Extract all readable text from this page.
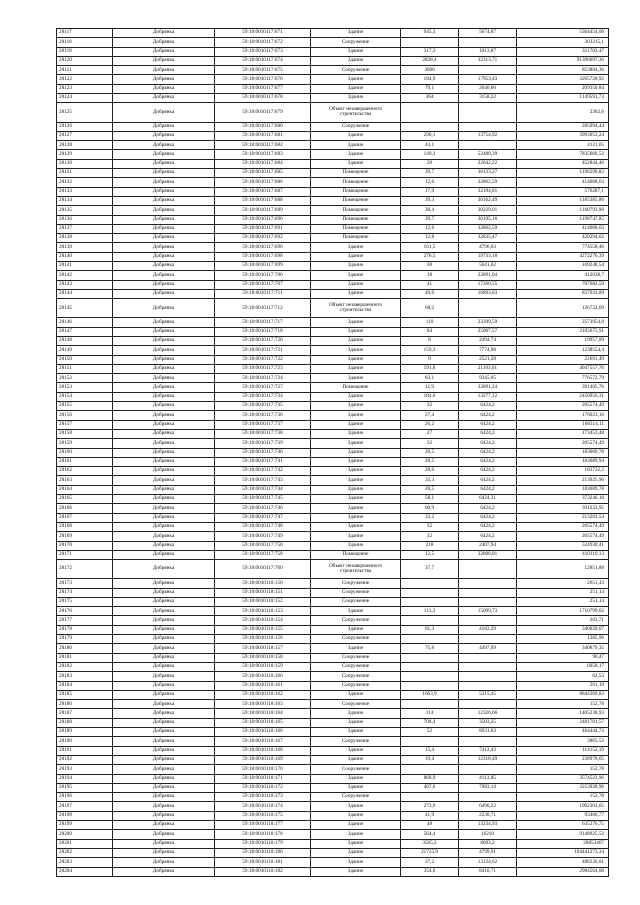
28117	Добрянка	59:18:0010117:671	Здание	945,3	5674,87	5364454,06
28118	Добрянка	59:18:0010117:672	Сооружение			303315,1
28119	Добрянка	59:18:0010117:673	Здание	317,3	1013,87	321703,47
28120	Добрянка	59:18:0010117:674	Здание	2828,4	32313,71	91396097,36
28121	Добрянка	59:18:0010117:675	Сооружение	3000		853884,36
28122	Добрянка	59:18:0010117:676	Здание	184,9	17953,43	3265728,92
28123	Добрянка	59:18:0010117:677	Здание	79,1	2646,66	209350,84
28124	Добрянка	59:18:0010117:678	Здание	364	3158,22	1149591,73
28125	Добрянка	59:18:0010117:679	Объект незавершенного строительства			2362,6
28126	Добрянка	59:18:0010117:680	Сооружение			285994,44
28127	Добрянка	59:18:0010117:681	Здание	290,1	13754,92	3993053,24
28128	Добрянка	59:18:0010117:682	Здание	43,1		4121,05
28129	Добрянка	59:18:0010117:683	Здание	149,3	52480,39	7835666,52
28130	Добрянка	59:18:0010117:684	Здание	20	22642,22	452844,46
28131	Добрянка	59:18:0010117:685	Помещение	39,7	30133,27	1196290,82
28132	Добрянка	59:18:0010117:686	Помещение	12,6	32862,59	414068,63
28133	Добрянка	59:18:0010117:687	Помещение	17,9	32194,81	576287,1
28134	Добрянка	59:18:0010117:688	Помещение	39,3	30162,49	1185385,86
28135	Добрянка	59:18:0010117:689	Помещение	38,4	30229,01	1160793,98
28136	Добрянка	59:18:0010117:690	Помещение	39,7	30195,16	1198747,85
28137	Добрянка	59:18:0010117:691	Помещение	12,6	32862,59	414068,63
28138	Добрянка	59:18:0010117:692	Помещение	12,8	32835,47	420294,02
28139	Добрянка	59:18:0010117:696	Здание	161,5	4796,03	774558,46
28140	Добрянка	59:18:0010117:698	Здание	276,5	19733,18	4272276,39
28141	Добрянка	59:18:0010117:699	Здание	30	5641,62	169248,54
28142	Добрянка	59:18:0010117:700	Здание	18	22891,04	412038,7
28143	Добрянка	59:18:0010117:707	Здание	41	17260,55	707682,59
28144	Добрянка	59:18:0010117:711	Здание	49,6	16893,83	837933,89
28145	Добрянка	59:18:0010117:712	Объект незавершенного строительства	68,2		126732,69
28146	Добрянка	59:18:0010117:717	Здание	110	23399,59	2573954,8
28147	Добрянка	59:18:0010117:718	Здание	84	25067,57	2105675,91
28148	Добрянка	59:18:0010117:720	Здание	8	2494,74	19957,89
28149	Добрянка	59:18:0010117:721	Здание	159,3	7774,98	1238554,4
28150	Добрянка	59:18:0010117:722	Здание	9	2521,28	22691,49
28151	Добрянка	59:18:0010117:723	Здание	191,8	21103,01	4047557,76
28152	Добрянка	59:18:0010117:724	Здание	83,1	9345,05	776572,79
28153	Добрянка	59:18:0010117:727	Помещение	11,9	32891,24	391405,76
28154	Добрянка	59:18:0010117:734	Здание	184,6	13277,12	2450956,31
28155	Добрянка	59:18:0010117:735	Здание	32	6424,2	205574,49
28156	Добрянка	59:18:0010117:736	Здание	27,4	6424,2	176023,16
28157	Добрянка	59:18:0010117:737	Здание	26,2	6424,2	168314,11
28158	Добрянка	59:18:0010117:738	Здание	27	6424,2	173453,48
28159	Добрянка	59:18:0010117:739	Здание	32	6424,2	205574,49
28160	Добрянка	59:18:0010117:740	Здание	28,5	6424,2	183089,78
28161	Добрянка	59:18:0010117:741	Здание	28,5	6424,2	183089,94
28162	Добрянка	59:18:0010117:742	Здание	28,6	6424,2	183732,2
28163	Добрянка	59:18:0010117:743	Здание	33,3	6424,2	213925,96
28164	Добрянка	59:18:0010117:744	Здание	28,5	6424,2	183089,78
28165	Добрянка	59:18:0010117:745	Здание	58,1	6424,31	373246,18
28166	Добрянка	59:18:0010117:746	Здание	60,9	6424,2	391233,95
28167	Добрянка	59:18:0010117:747	Здание	33,2	6424,2	213283,54
28168	Добрянка	59:18:0010117:748	Здание	32	6424,2	205574,49
28169	Добрянка	59:18:0010117:749	Здание	32	6424,2	205574,49
28170	Добрянка	59:18:0010117:750	Здание	218	2407,94	524930,41
28171	Добрянка	59:18:0010117:758	Помещение	12,5	32808,81	410110,13
28172	Добрянка	59:18:0010117:760	Объект незавершенного строительства	37,7		12851,88
28173	Добрянка	59:18:0010118:150	Сооружение			2651,43
28174	Добрянка	59:18:0010118:151	Сооружение			251,14
28175	Добрянка	59:18:0010118:152	Сооружение			251,14
28176	Добрянка	59:18:0010118:153	Здание	113,3	15099,73	1710799,02
28177	Добрянка	59:18:0010118:154	Сооружение			203,71
28178	Добрянка	59:18:0010118:155	Здание	81,3	4182,29	340020,07
28179	Добрянка	59:18:0010118:156	Сооружение			1385,96
28180	Добрянка	59:18:0010118:157	Здание	75,8	4497,09	340879,35
28181	Добрянка	59:18:0010118:158	Сооружение			96,47
28182	Добрянка	59:18:0010118:159	Сооружение			6058,17
28183	Добрянка	59:18:0010118:160	Сооружение			62,53
28184	Добрянка	59:18:0010118:161	Сооружение			261,19
28185	Добрянка	59:18:0010118:162	Здание	1663,9	5315,45	8844369,83
28186	Добрянка	59:18:0010118:163	Сооружение			152,78
28187	Добрянка	59:18:0010118:164	Здание	114	12326,66	1405238,93
28188	Добрянка	59:18:0010118:165	Здание	708,4	3503,25	2481701,57
28189	Добрянка	59:18:0010118:166	Здание	52	8931,63	464444,73
28190	Добрянка	59:18:0010118:167	Сооружение			3865,52
28191	Добрянка	59:18:0010118:168	Здание	15,4	7412,43	114152,19
28192	Добрянка	59:18:0010118:169	Здание	19,4	12318,49	238978,65
28193	Добрянка	59:18:0010118:170	Сооружение			152,78
28194	Добрянка	59:18:0010118:171	Здание	868,9	4113,85	3574523,96
28195	Добрянка	59:18:0010118:172	Здание	407,6	7983,14	3253928,96
28196	Добрянка	59:18:0010118:173	Сооружение			152,78
28197	Добрянка	59:18:0010118:174	Здание	273,9	6496,22	1902303,65
28198	Добрянка	59:18:0010118:175	Здание	41,9	2230,71	93466,77
28199	Добрянка	59:18:0010118:177	Здание	48	13234,93	635276,75
28200	Добрянка	59:18:0010118:178	Здание	564,4	16210	9148925,52
28201	Добрянка	59:18:0010118:179	Здание	3565,2	8093,2	28853467
28202	Добрянка	59:18:0010118:180	Здание	21725,9	4799,91	104441273,34
28203	Добрянка	59:18:0010118:181	Здание	37,2	13124,62	488226,01
28204	Добрянка	59:18:0010118:182	Здание	354,6	8416,71	2984564,08
